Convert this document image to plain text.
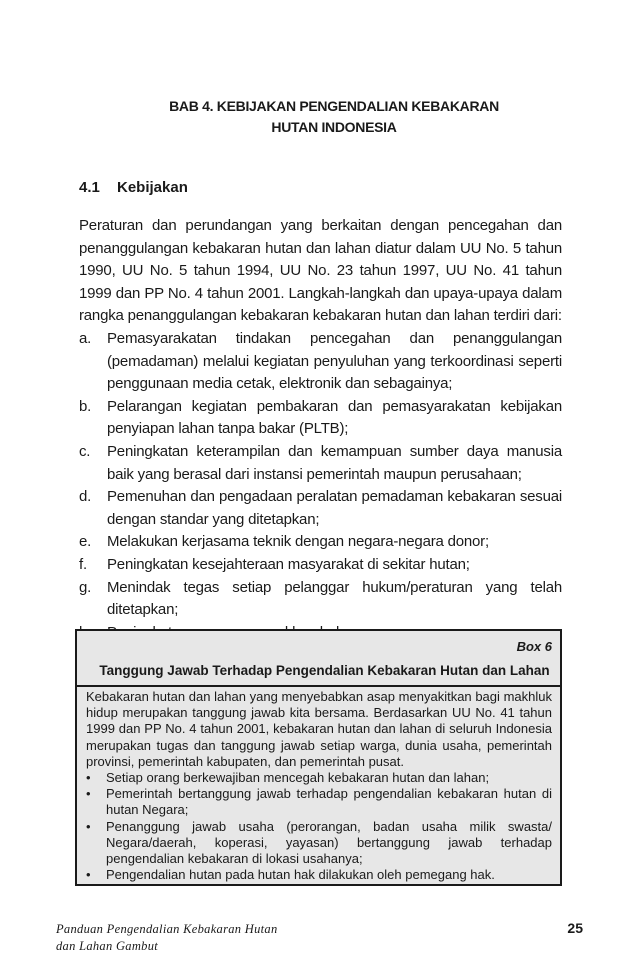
BAB 4. KEBIJAKAN PENGENDALIAN KEBAKARAN
HUTAN INDONESIA
4.1 Kebijakan
Peraturan dan perundangan yang berkaitan dengan pencegahan dan penanggulangan kebakaran hutan dan lahan diatur dalam UU No. 5 tahun 1990, UU No. 5 tahun 1994, UU No. 23 tahun 1997, UU No. 41 tahun 1999 dan PP No. 4 tahun 2001. Langkah-langkah dan upaya-upaya dalam rangka penanggulangan kebakaran kebakaran hutan dan lahan terdiri dari:
a.	Pemasyarakatan tindakan pencegahan dan penanggulangan (pemadaman) melalui kegiatan penyuluhan yang terkoordinasi seperti penggunaan media cetak, elektronik dan sebagainya;
b.	Pelarangan kegiatan pembakaran dan pemasyarakatan kebijakan penyiapan lahan tanpa bakar (PLTB);
c.	Peningkatan keterampilan dan kemampuan sumber daya manusia baik yang berasal dari instansi pemerintah maupun perusahaan;
d.	Pemenuhan dan pengadaan peralatan pemadaman kebakaran sesuai dengan standar yang ditetapkan;
e.	Melakukan kerjasama teknik dengan negara-negara donor;
f.	Peningkatan kesejahteraan masyarakat di sekitar hutan;
g.	Menindak tegas setiap pelanggar hukum/peraturan yang telah ditetapkan;
Box 6
Tanggung Jawab Terhadap Pengendalian Kebakaran Hutan dan Lahan

Kebakaran hutan dan lahan yang menyebabkan asap menyakitkan bagi makhluk hidup merupakan tanggung jawab kita bersama. Berdasarkan UU No. 41 tahun 1999 dan PP No. 4 tahun 2001, kebakaran hutan dan lahan di seluruh Indonesia merupakan tugas dan tanggung jawab setiap warga, dunia usaha, pemerintah provinsi, pemerintah kabupaten, dan pemerintah pusat.

•	Setiap orang berkewajiban mencegah kebakaran hutan dan lahan;
•	Pemerintah bertanggung jawab terhadap pengendalian kebakaran hutan di hutan Negara;
•	Penanggung jawab usaha (perorangan, badan usaha milik swasta/ Negara/daerah, koperasi, yayasan) bertanggung jawab terhadap pengendalian kebakaran di lokasi usahanya;
•	Pengendalian hutan pada hutan hak dilakukan oleh pemegang hak.
Panduan Pengendalian Kebakaran Hutan
dan Lahan Gambut
25
